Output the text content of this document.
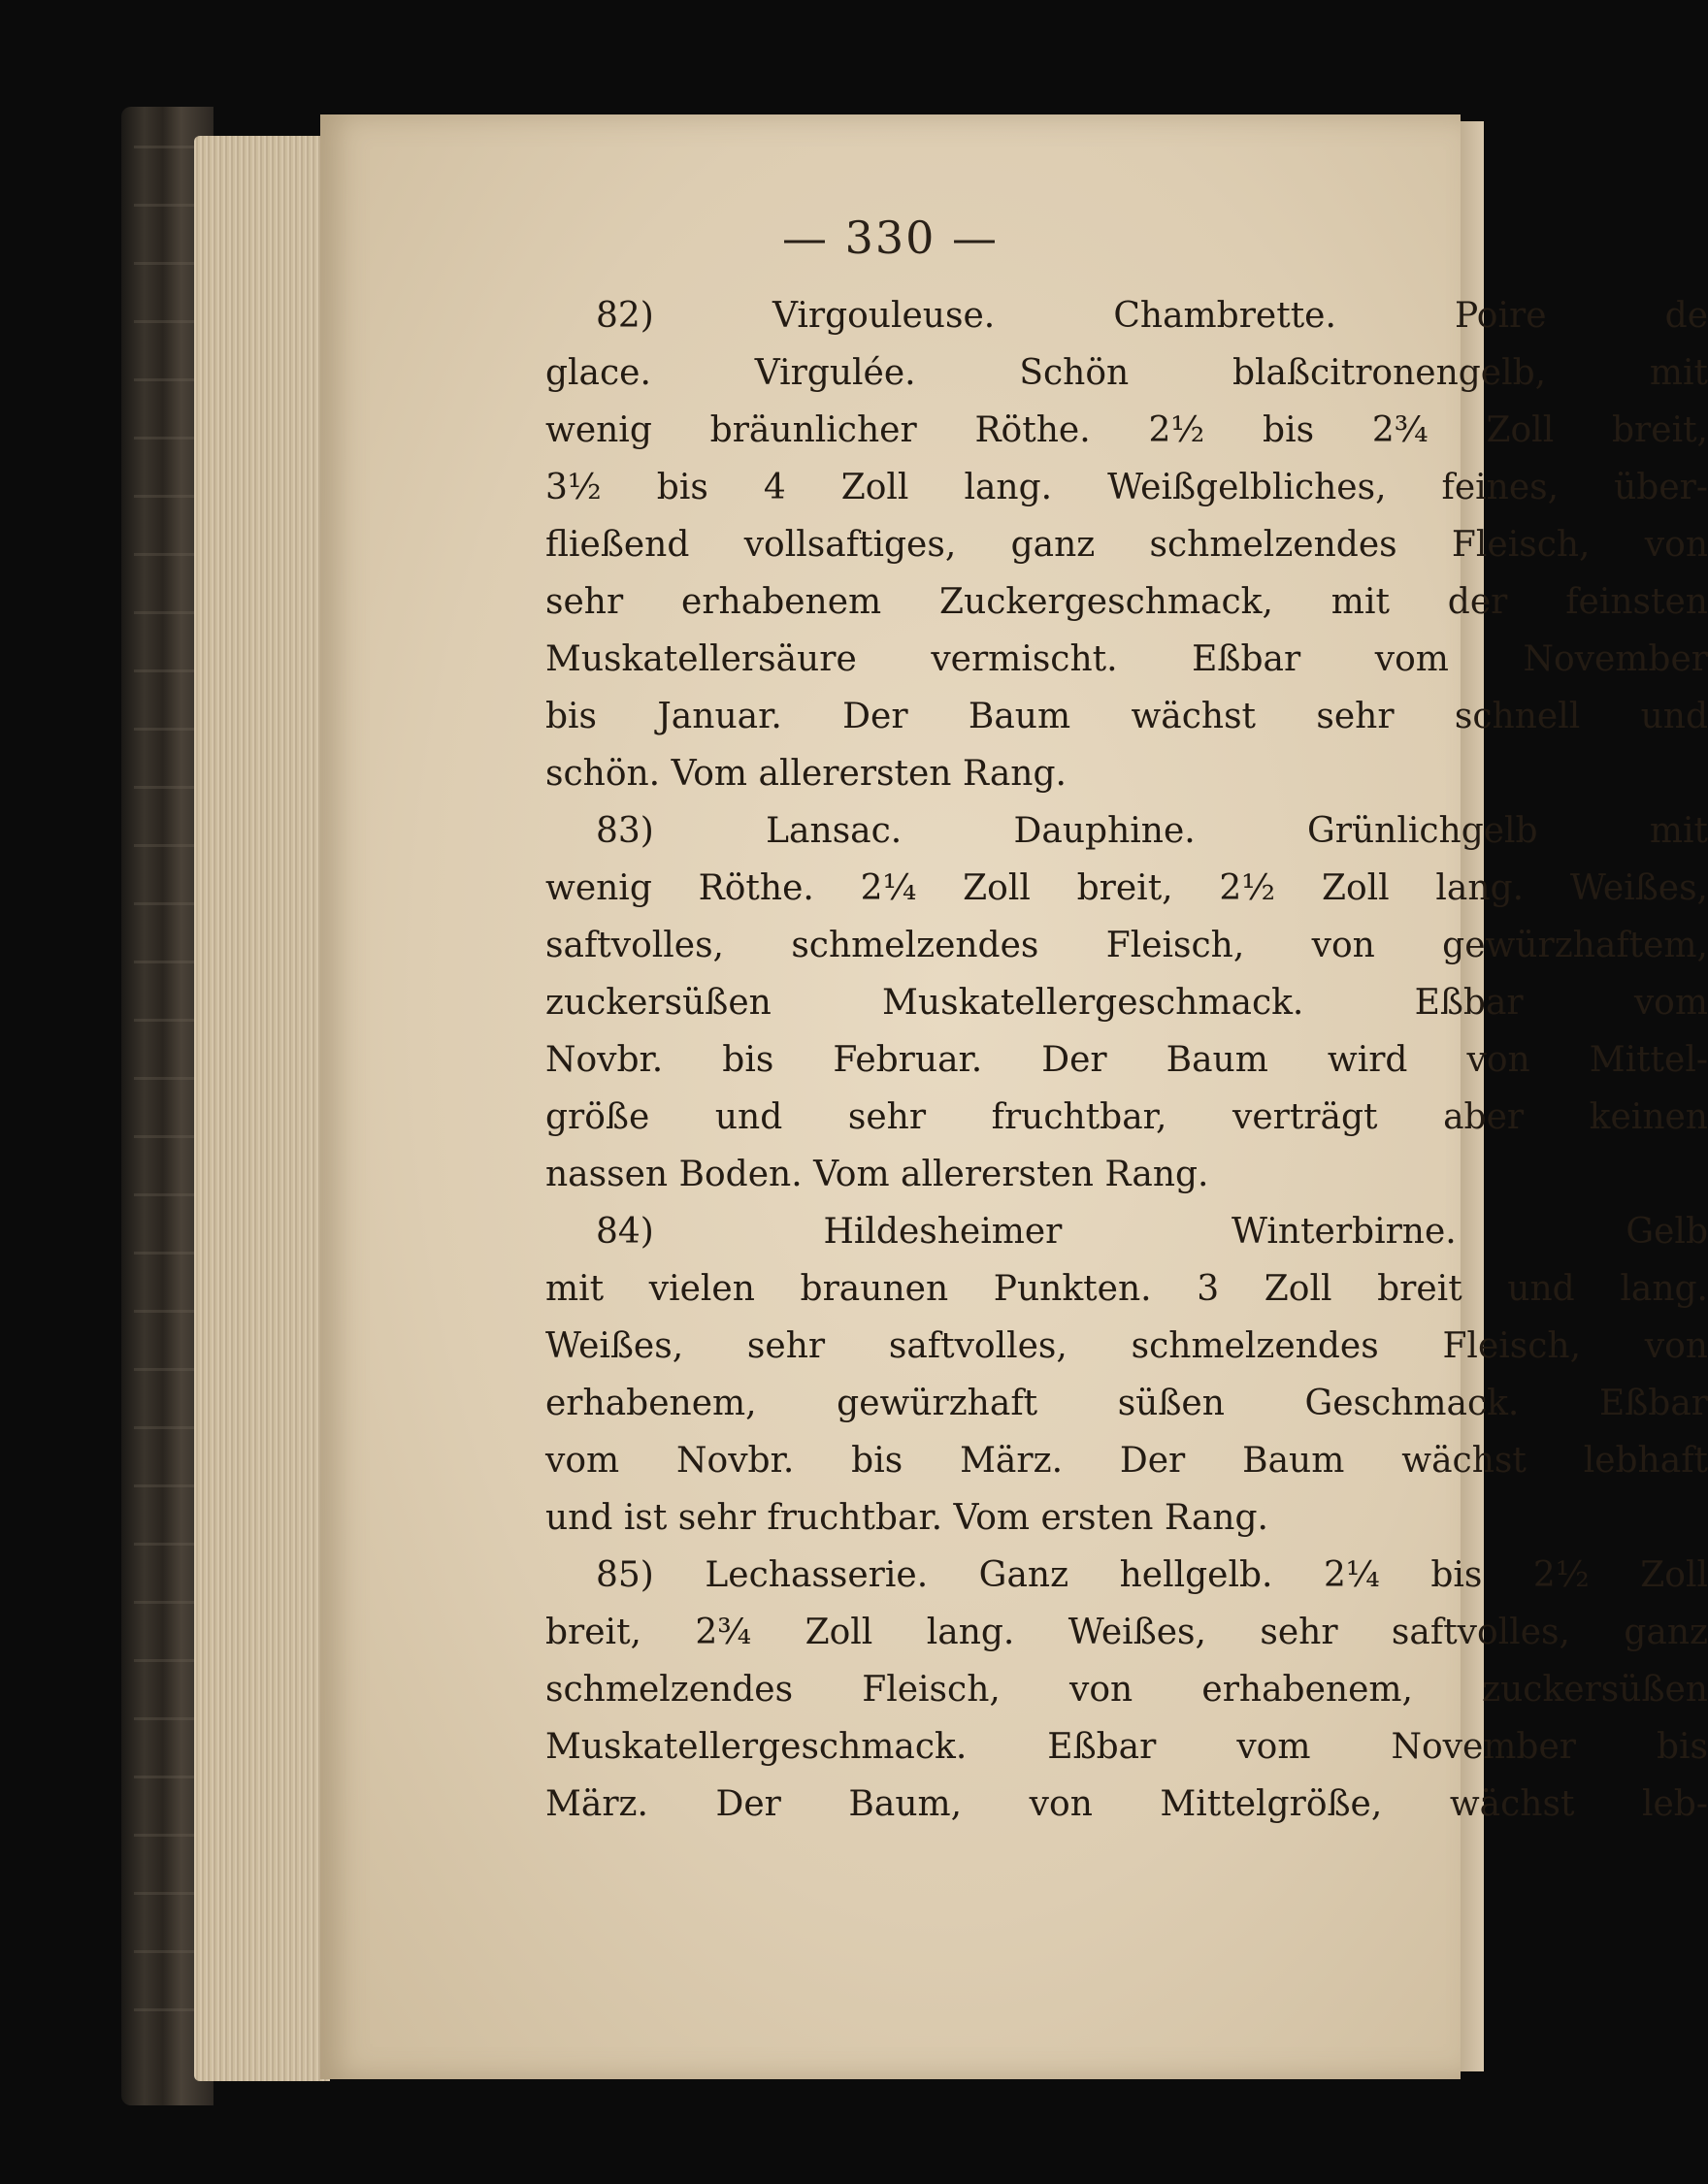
— 330 —
82) Virgouleuse. Chambrette. Poire de
glace. Virgulée. Schön blaßcitronengelb, mit
wenig bräunlicher Röthe. 2½ bis 2¾ Zoll breit,
3½ bis 4 Zoll lang. Weißgelbliches, feines, über-
fließend vollsaftiges, ganz schmelzendes Fleisch, von
sehr erhabenem Zuckergeschmack, mit der feinsten
Muskatellersäure vermischt. Eßbar vom November
bis Januar. Der Baum wächst sehr schnell und
schön. Vom allerersten Rang.
83) Lansac. Dauphine. Grünlichgelb mit
wenig Röthe. 2¼ Zoll breit, 2½ Zoll lang. Weißes,
saftvolles, schmelzendes Fleisch, von gewürzhaftem,
zuckersüßen Muskatellergeschmack. Eßbar vom
Novbr. bis Februar. Der Baum wird von Mittel-
größe und sehr fruchtbar, verträgt aber keinen
nassen Boden. Vom allerersten Rang.
84) Hildesheimer Winterbirne. Gelb
mit vielen braunen Punkten. 3 Zoll breit und lang.
Weißes, sehr saftvolles, schmelzendes Fleisch, von
erhabenem, gewürzhaft süßen Geschmack. Eßbar
vom Novbr. bis März. Der Baum wächst lebhaft
und ist sehr fruchtbar. Vom ersten Rang.
85) Lechasserie. Ganz hellgelb. 2¼ bis 2½ Zoll
breit, 2¾ Zoll lang. Weißes, sehr saftvolles, ganz
schmelzendes Fleisch, von erhabenem, zuckersüßen
Muskatellergeschmack. Eßbar vom November bis
März. Der Baum, von Mittelgröße, wächst leb-
